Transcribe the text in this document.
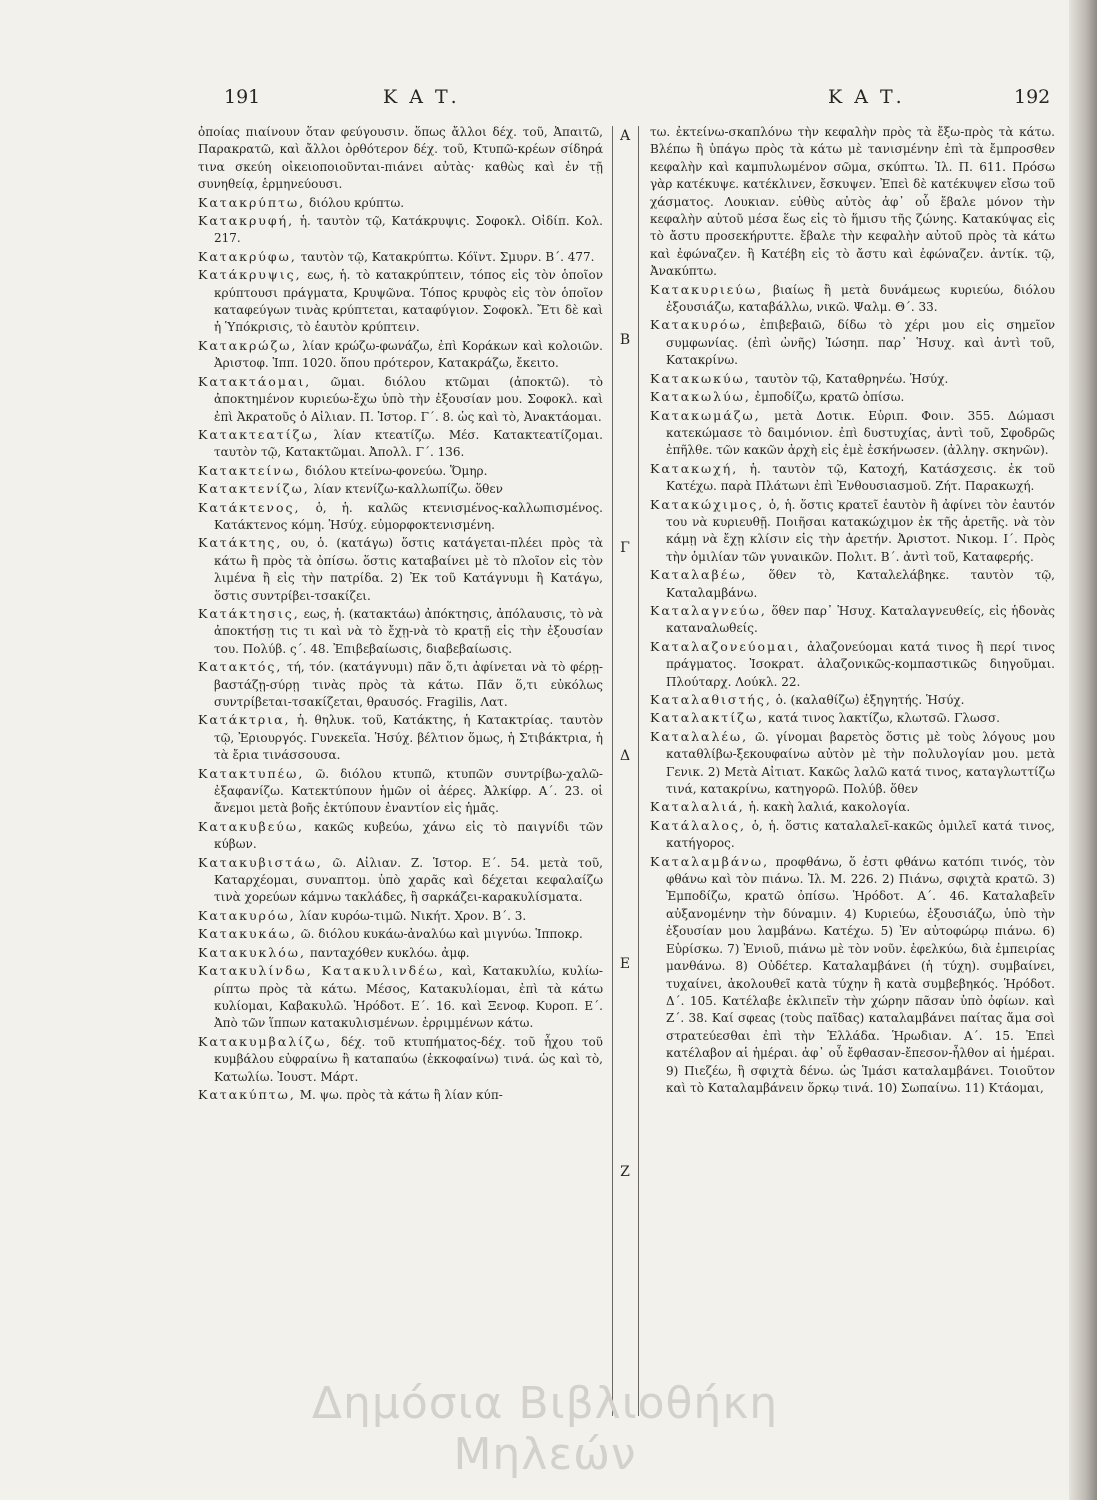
191	Κ Α Τ.	Κ Α Τ.	192

ὀποίας πιαίνουν ὅταν φεύγουσιν. ὅπως ἄλλοι δέχ. τοῦ, Ἀπαιτῶ, Παρακρατῶ, καὶ ἄλλοι ὀρθότερον δέχ. τοῦ, Κτυπῶ-κρέων σίδηρά τινα σκεύη οἰκειοποιοῦνται-πιάνει αὐτὰς· καθὼς καὶ ἐν τῇ συνηθείᾳ, ἑρμηνεύουσι.

Κατακρύπτω, διόλου κρύπτω.

Κατακρυφή, ἡ. ταυτὸν τῷ, Κατάκρυψις. Σοφοκλ. Οἰδίπ. Κολ. 217.

Κατακρύφω, ταυτὸν τῷ, Κατακρύπτω. Κόϊντ. Σμυρν. Β΄. 477.

Κατάκρυψις, εως, ἡ. τὸ κατακρύπτειν, τόπος εἰς τὸν ὁποῖον κρύπτουσι πράγματα, Κρυψῶνα. Τόπος κρυφὸς εἰς τὸν ὁποῖον καταφεύγων τινὰς κρύπτεται, καταφύγιον. Σοφοκλ. Ἔτι δὲ καὶ ἡ Ὑπόκρισις, τὸ ἑαυτὸν κρύπτειν.

Κατακρώζω, λίαν κρώζω-φωνάζω, ἐπὶ Κοράκων καὶ κολοιῶν. Ἀριστοφ. Ἱππ. 1020. ὅπου πρότερον, Κατακράζω, ἔκειτο.

Κατακτάομαι, ῶμαι. διόλου κτῶμαι (ἀποκτῶ). τὸ ἀποκτημένον κυριεύω-ἔχω ὑπὸ τὴν ἐξουσίαν μου. Σοφοκλ. καὶ ἐπὶ Ἀκρατοῦς ὁ Αἰλιαν. Π. Ἱστορ. Γ΄. 8. ὡς καὶ τὸ, Ἀνακτάομαι.

Κατακτεατίζω, λίαν κτεατίζω. Μέσ. Κατακτεατίζομαι. ταυτὸν τῷ, Κατακτῶμαι. Ἀπολλ. Γ΄. 136.

Κατακτείνω, διόλου κτείνω-φονεύω. Ὅμηρ.

Κατακτενίζω, λίαν κτενίζω-καλλωπίζω. ὅθεν

Κατάκτενος, ὁ, ἡ. καλῶς κτενισμένος-καλλωπισμένος. Κατάκτενος κόμη. Ἡσύχ. εὐμορφοκτενισμένη.

Κατάκτης, ου, ὁ. (κατάγω) ὅστις κατάγεται-πλέει πρὸς τὰ κάτω ἢ πρὸς τὰ ὀπίσω. ὅστις καταβαίνει μὲ τὸ πλοῖον εἰς τὸν λιμένα ἢ εἰς τὴν πατρίδα. 2) Ἐκ τοῦ Κατάγνυμι ἢ Κατάγω, ὅστις συντρίβει-τσακίζει.

Κατάκτησις, εως, ἡ. (κατακτάω) ἀπόκτησις, ἀπόλαυσις, τὸ νὰ ἀποκτήσῃ τις τι καὶ νὰ τὸ ἔχῃ-νὰ τὸ κρατῇ εἰς τὴν ἐξουσίαν του. Πολύβ. ς΄. 48. Ἐπιβεβαίωσις, διαβεβαίωσις.

Κατακτός, τή, τόν. (κατάγνυμι) πᾶν ὅ,τι ἀφίνεται νὰ τὸ φέρῃ-βαστάζῃ-σύρῃ τινὰς πρὸς τὰ κάτω. Πᾶν ὅ,τι εὐκόλως συντρίβεται-τσακίζεται, θραυσός. Fragilis, Λατ.

Κατάκτρια, ἡ. θηλυκ. τοῦ, Κατάκτης, ἡ Κατακτρίας. ταυτὸν τῷ, Ἐριουργός. Γυνεκεῖα. Ἡσύχ. βέλτιον ὅμως, ἡ Στιβάκτρια, ἡ τὰ ἔρια τινάσσουσα.

Κατακτυπέω, ῶ. διόλου κτυπῶ, κτυπῶν συντρίβω-χαλῶ-ἐξαφανίζω. Κατεκτύπουν ἡμῶν οἱ ἀέρες. Ἀλκίφρ. Α΄. 23. οἱ ἄνεμοι μετὰ βοῆς ἐκτύπουν ἐναντίον εἰς ἡμᾶς.

Κατακυβεύω, κακῶς κυβεύω, χάνω εἰς τὸ παιγνίδι τῶν κύβων.

Κατακυβιστάω, ῶ. Αἰλιαν. Ζ. Ἱστορ. Ε΄. 54. μετὰ τοῦ, Καταρχέομαι, συναπτομ. ὑπὸ χαρᾶς καὶ δέχεται κεφαλαίζω τινὰ χορεύων κάμνω τακλάδες, ἢ σαρκάζει-καρακυλίσματα.

Κατακυρόω, λίαν κυρόω-τιμῶ. Νικήτ. Χρον. Β΄. 3.

Κατακυκάω, ῶ. διόλου κυκάω-ἀναλύω καὶ μιγνύω. Ἱπποκρ.

Κατακυκλόω, πανταχόθεν κυκλόω. ἀμφ.

Κατακυλίνδω, Κατακυλινδέω, καὶ, Κατακυλίω, κυλίω-ρίπτω πρὸς τὰ κάτω. Μέσος, Κατακυλίομαι, ἐπὶ τὰ κάτω κυλίομαι, Καβακυλῶ. Ἡρόδοτ. Ε΄. 16. καὶ Ξενοφ. Κυροπ. Ε΄. Ἀπὸ τῶν ἵππων κατακυλισμένων. ἐρριμμένων κάτω.

Κατακυμβαλίζω, δέχ. τοῦ κτυπήματος-δέχ. τοῦ ἦχου τοῦ κυμβάλου εὐφραίνω ἢ καταπαύω (ἐκκοφαίνω) τινά. ὡς καὶ τὸ, Κατωλίω. Ἰουστ. Μάρτ.

Κατακύπτω, Μ. ψω. πρὸς τὰ κάτω ἢ λίαν κύπ-

Α
Β
Γ
Δ
Ε
Ζ

τω. ἐκτείνω-σκαπλόνω τὴν κεφαλὴν πρὸς τὰ ἔξω-πρὸς τὰ κάτω. Βλέπω ἢ ὑπάγω πρὸς τὰ κάτω μὲ τανισμένην ἐπὶ τὰ ἔμπροσθεν κεφαλὴν καὶ καμπυλωμένον σῶμα, σκύπτω. Ἰλ. Π. 611. Πρόσω γὰρ κατέκυψε. κατέκλινεν, ἔσκυψεν. Ἐπεὶ δὲ κατέκυψεν εἴσω τοῦ χάσματος. Λουκιαν. εὐθὺς αὐτὸς ἀφ᾽ οὗ ἔβαλε μόνον τὴν κεφαλὴν αὐτοῦ μέσα ἕως εἰς τὸ ἥμισυ τῆς ζώνης. Κατακύψας εἰς τὸ ἄστυ προσεκήρυττε. ἔβαλε τὴν κεφαλὴν αὐτοῦ πρὸς τὰ κάτω καὶ ἐφώναζεν. ἢ Κατέβη εἰς τὸ ἄστυ καὶ ἐφώναζεν. ἀντίκ. τῷ, Ἀνακύπτω.

Κατακυριεύω, βιαίως ἢ μετὰ δυνάμεως κυριεύω, διόλου ἐξουσιάζω, καταβάλλω, νικῶ. Ψαλμ. Θ΄. 33.

Κατακυρόω, ἐπιβεβαιῶ, δίδω τὸ χέρι μου εἰς σημεῖον συμφωνίας. (ἐπὶ ὠνῆς) Ἰώσηπ. παρ᾽ Ἡσυχ. καὶ ἀντὶ τοῦ, Κατακρίνω.

Κατακωκύω, ταυτὸν τῷ, Καταθρηνέω. Ἡσύχ.

Κατακωλύω, ἐμποδίζω, κρατῶ ὀπίσω.

Κατακωμάζω, μετὰ Δοτικ. Εὐριπ. Φοιν. 355. Δώμασι κατεκώμασε τὸ δαιμόνιον. ἐπὶ δυστυχίας, ἀντὶ τοῦ, Σφοδρῶς ἐπῆλθε. τῶν κακῶν ἀρχὴ εἰς ἐμὲ ἐσκήνωσεν. (ἀλληγ. σκηνῶν).

Κατακωχή, ἡ. ταυτὸν τῷ, Κατοχή, Κατάσχεσις. ἐκ τοῦ Κατέχω. παρὰ Πλάτωνι ἐπὶ Ἐνθουσιασμοῦ. Ζήτ. Παρακωχή.

Κατακώχιμος, ὁ, ἡ. ὅστις κρατεῖ ἑαυτὸν ἢ ἀφίνει τὸν ἑαυτόν του νὰ κυριευθῇ. Ποιῆσαι κατακώχιμον ἐκ τῆς ἀρετῆς. νὰ τὸν κάμῃ νὰ ἔχῃ κλίσιν εἰς τὴν ἀρετήν. Ἀριστοτ. Νικομ. Ι΄. Πρὸς τὴν ὁμιλίαν τῶν γυναικῶν. Πολιτ. Β΄. ἀντὶ τοῦ, Καταφερής.

Καταλαβέω, ὅθεν τὸ, Καταλελάβηκε. ταυτὸν τῷ, Καταλαμβάνω.

Καταλαγνεύω, ὅθεν παρ᾽ Ἡσυχ. Καταλαγνευθείς, εἰς ἡδονὰς καταναλωθείς.

Καταλαζονεύομαι, ἀλαζονεύομαι κατά τινος ἢ περί τινος πράγματος. Ἰσοκρατ. ἀλαζονικῶς-κομπαστικῶς διηγοῦμαι. Πλούταρχ. Λούκλ. 22.

Καταλαθιστής, ὁ. (καλαθίζω) ἐξηγητής. Ἡσύχ.

Καταλακτίζω, κατά τινος λακτίζω, κλωτσῶ. Γλωσσ.

Καταλαλέω, ῶ. γίνομαι βαρετὸς ὅστις μὲ τοὺς λόγους μου καταθλίβω-ξεκουφαίνω αὐτὸν μὲ τὴν πολυλογίαν μου. μετὰ Γενικ. 2) Μετὰ Αἰτιατ. Κακῶς λαλῶ κατά τινος, καταγλωττίζω τινά, κατακρίνω, κατηγορῶ. Πολύβ. ὅθεν

Καταλαλιά, ἡ. κακὴ λαλιά, κακολογία.

Κατάλαλος, ὁ, ἡ. ὅστις καταλαλεῖ-κακῶς ὁμιλεῖ κατά τινος, κατήγορος.

Καταλαμβάνω, προφθάνω, ὅ ἐστι φθάνω κατόπι τινός, τὸν φθάνω καὶ τὸν πιάνω. Ἰλ. Μ. 226. 2) Πιάνω, σφιχτὰ κρατῶ. 3) Ἐμποδίζω, κρατῶ ὀπίσω. Ἡρόδοτ. Α΄. 46. Καταλαβεῖν αὐξανομένην τὴν δύναμιν. 4) Κυριεύω, ἐξουσιάζω, ὑπὸ τὴν ἐξουσίαν μου λαμβάνω. Κατέχω. 5) Ἐν αὐτοφώρῳ πιάνω. 6) Εὑρίσκω. 7) Ἐνιοῦ, πιάνω μὲ τὸν νοῦν. ἐφελκύω, διὰ ἐμπειρίας μανθάνω. 8) Οὐδέτερ. Καταλαμβάνει (ἡ τύχη). συμβαίνει, τυχαίνει, ἀκολουθεῖ κατὰ τύχην ἢ κατὰ συμβεβηκός. Ἡρόδοτ. Δ΄. 105. Κατέλαβε ἐκλιπεῖν τὴν χώρην πᾶσαν ὑπὸ ὀφίων. καὶ Ζ΄. 38. Καί σφεας (τοὺς παῖδας) καταλαμβάνει παίτας ἅμα σοὶ στρατεύεσθαι ἐπὶ τὴν Ἑλλάδα. Ἡρωδιαν. Α΄. 15. Ἐπεὶ κατέλαβον αἱ ἡμέραι. ἀφ᾽ οὗ ἔφθασαν-ἔπεσον-ἦλθον αἱ ἡμέραι. 9) Πιεζέω, ἢ σφιχτὰ δένω. ὡς Ἱμάσι καταλαμβάνει. Τοιοῦτον καὶ τὸ Καταλαμβάνειν ὅρκῳ τινά. 10) Σωπαίνω. 11) Κτάομαι,

Δημόσια Βιβλιοθήκη Μηλεών
